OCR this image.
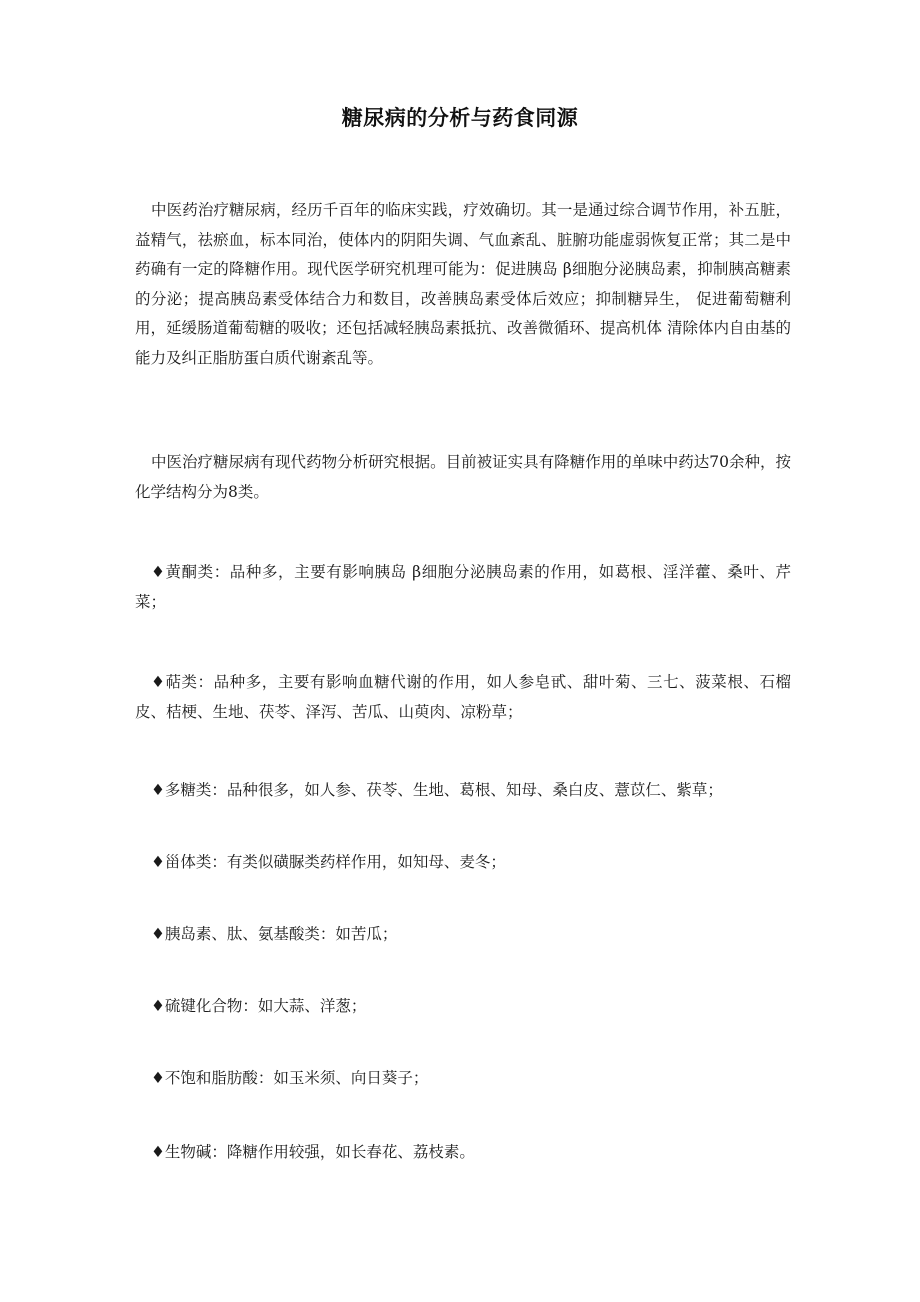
糖尿病的分析与药食同源

中医药治疗糖尿病，经历千百年的临床实践，疗效确切。其一是通过综合调节作用，补五脏，益精气，祛瘀血，标本同治，使体内的阴阳失调、气血紊乱、脏腑功能虚弱恢复正常；其二是中药确有一定的降糖作用。现代医学研究机理可能为：促进胰岛 β细胞分泌胰岛素，抑制胰高糖素的分泌；提高胰岛素受体结合力和数目，改善胰岛素受体后效应；抑制糖异生， 促进葡萄糖利用，延缓肠道葡萄糖的吸收；还包括减轻胰岛素抵抗、改善微循环、提高机体 清除体内自由基的能力及纠正脂肪蛋白质代谢紊乱等。

中医治疗糖尿病有现代药物分析研究根据。目前被证实具有降糖作用的单味中药达70余种，按化学结构分为8类。

♦黄酮类：品种多，主要有影响胰岛 β细胞分泌胰岛素的作用，如葛根、淫洋藿、桑叶、芹菜；

♦萜类：品种多，主要有影响血糖代谢的作用，如人参皂甙、甜叶菊、三七、菠菜根、石榴皮、桔梗、生地、茯苓、泽泻、苦瓜、山萸肉、凉粉草；

♦多糖类：品种很多，如人参、茯苓、生地、葛根、知母、桑白皮、薏苡仁、紫草；

♦甾体类：有类似磺脲类药样作用，如知母、麦冬；

♦胰岛素、肽、氨基酸类：如苦瓜；

♦硫键化合物：如大蒜、洋葱；

♦不饱和脂肪酸：如玉米须、向日葵子；

♦生物碱：降糖作用较强，如长春花、荔枝素。
